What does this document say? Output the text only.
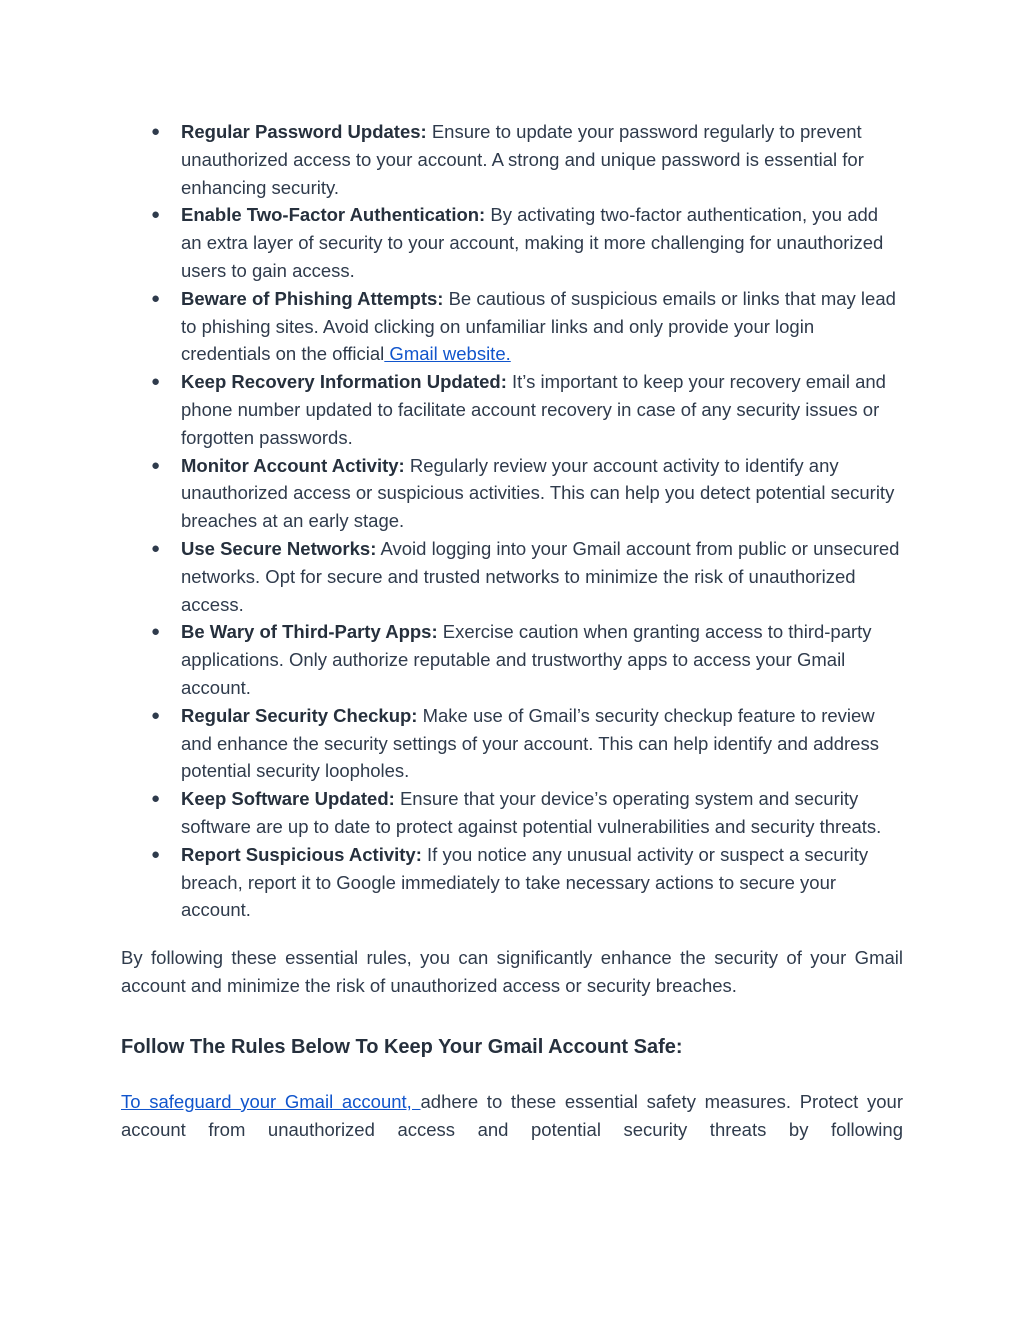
● Regular Password Updates: Ensure to update your password regularly to prevent unauthorized access to your account. A strong and unique password is essential for enhancing security.
● Enable Two-Factor Authentication: By activating two-factor authentication, you add an extra layer of security to your account, making it more challenging for unauthorized users to gain access.
● Beware of Phishing Attempts: Be cautious of suspicious emails or links that may lead to phishing sites. Avoid clicking on unfamiliar links and only provide your login credentials on the official Gmail website.
● Keep Recovery Information Updated: It’s important to keep your recovery email and phone number updated to facilitate account recovery in case of any security issues or forgotten passwords.
● Monitor Account Activity: Regularly review your account activity to identify any unauthorized access or suspicious activities. This can help you detect potential security breaches at an early stage.
● Use Secure Networks: Avoid logging into your Gmail account from public or unsecured networks. Opt for secure and trusted networks to minimize the risk of unauthorized access.
● Be Wary of Third-Party Apps: Exercise caution when granting access to third-party applications. Only authorize reputable and trustworthy apps to access your Gmail account.
● Regular Security Checkup: Make use of Gmail’s security checkup feature to review and enhance the security settings of your account. This can help identify and address potential security loopholes.
● Keep Software Updated: Ensure that your device’s operating system and security software are up to date to protect against potential vulnerabilities and security threats.
● Report Suspicious Activity: If you notice any unusual activity or suspect a security breach, report it to Google immediately to take necessary actions to secure your account.

By following these essential rules, you can significantly enhance the security of your Gmail account and minimize the risk of unauthorized access or security breaches.

Follow The Rules Below To Keep Your Gmail Account Safe:

To safeguard your Gmail account, adhere to these essential safety measures. Protect your account from unauthorized access and potential security threats by following
